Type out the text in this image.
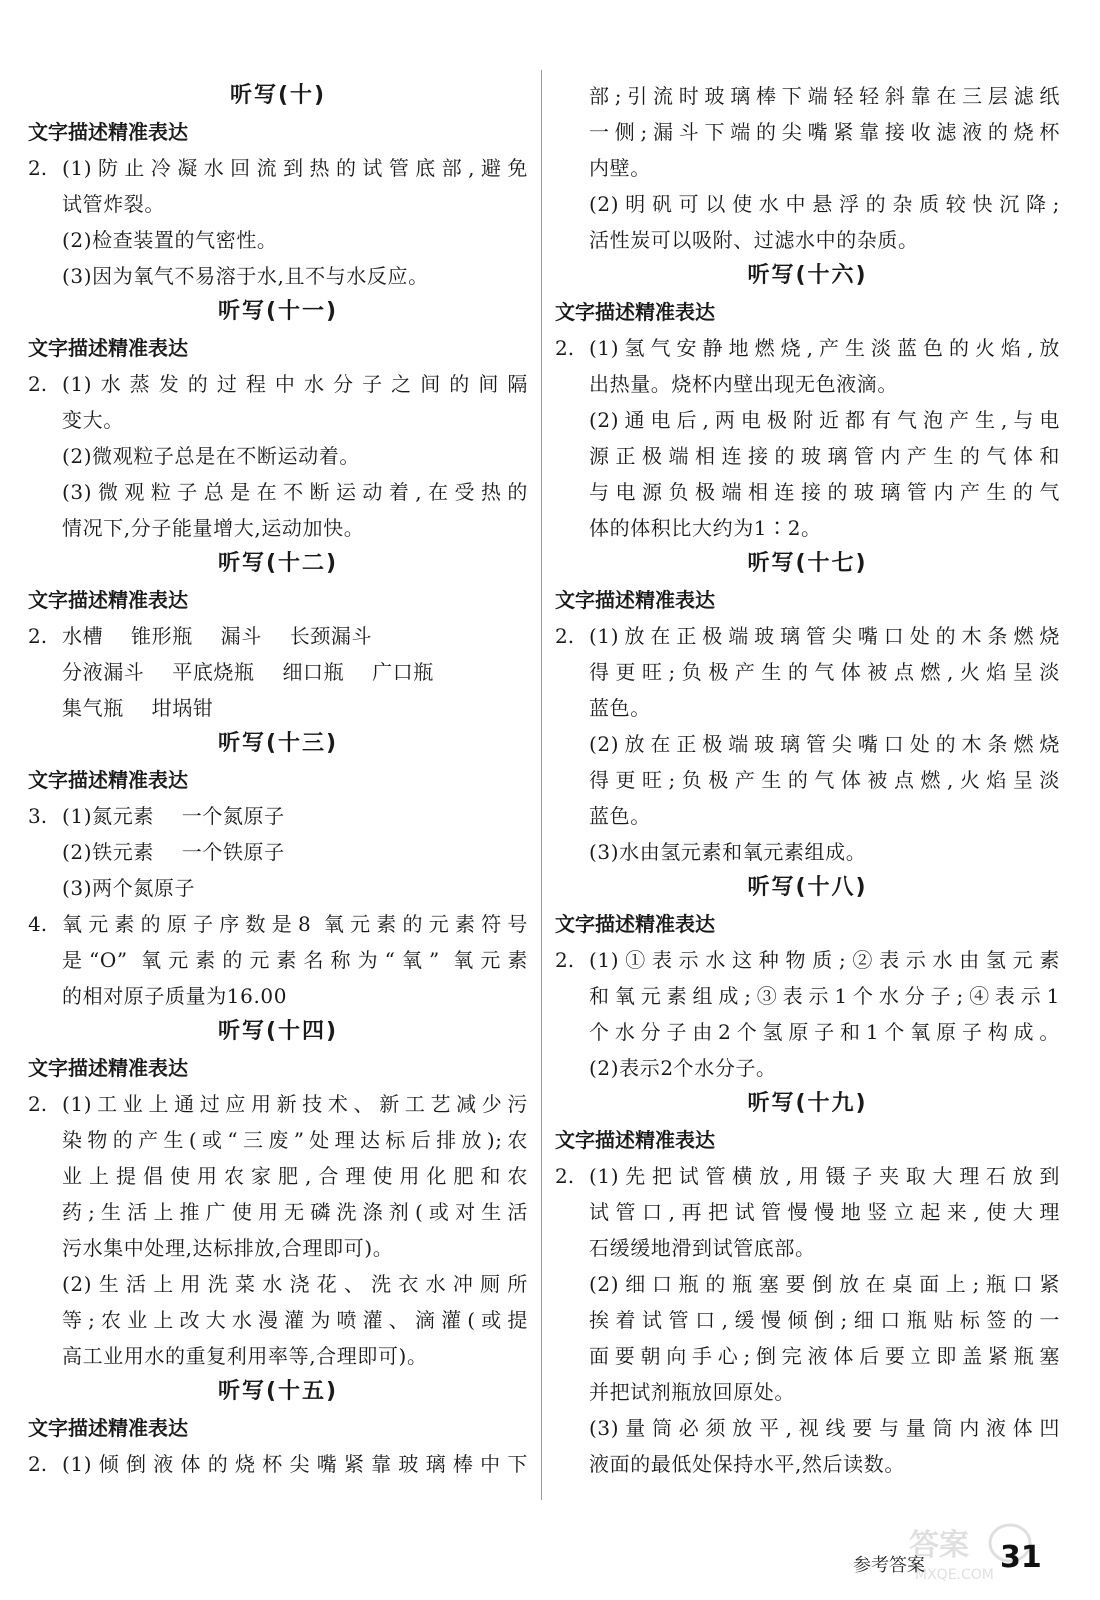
听写(十)
文字描述精准表达
2. (1)防止冷凝水回流到热的试管底部,避免
试管炸裂。
(2)检查装置的气密性。
(3)因为氧气不易溶于水,且不与水反应。
听写(十一)
文字描述精准表达
2. (1)水蒸发的过程中水分子之间的间隔
变大。
(2)微观粒子总是在不断运动着。
(3)微观粒子总是在不断运动着,在受热的
情况下,分子能量增大,运动加快。
听写(十二)
文字描述精准表达
2. 水槽    锥形瓶    漏斗    长颈漏斗
分液漏斗    平底烧瓶    细口瓶    广口瓶
集气瓶    坩埚钳
听写(十三)
文字描述精准表达
3. (1)氮元素    一个氮原子
(2)铁元素    一个铁原子
(3)两个氮原子
4. 氧元素的原子序数是8 氧元素的元素符号
是“O” 氧元素的元素名称为“氧” 氧元素
的相对原子质量为16.00
听写(十四)
文字描述精准表达
2. (1)工业上通过应用新技术、新工艺减少污
染物的产生(或“三废”处理达标后排放);农
业上提倡使用农家肥,合理使用化肥和农
药;生活上推广使用无磷洗涤剂(或对生活
污水集中处理,达标排放,合理即可)。
(2)生活上用洗菜水浇花、洗衣水冲厕所
等;农业上改大水漫灌为喷灌、滴灌(或提
高工业用水的重复利用率等,合理即可)。
听写(十五)
文字描述精准表达
2. (1)倾倒液体的烧杯尖嘴紧靠玻璃棒中下
部;引流时玻璃棒下端轻轻斜靠在三层滤纸
一侧;漏斗下端的尖嘴紧靠接收滤液的烧杯
内壁。
(2)明矾可以使水中悬浮的杂质较快沉降;
活性炭可以吸附、过滤水中的杂质。
听写(十六)
文字描述精准表达
2. (1)氢气安静地燃烧,产生淡蓝色的火焰,放
出热量。烧杯内壁出现无色液滴。
(2)通电后,两电极附近都有气泡产生,与电
源正极端相连接的玻璃管内产生的气体和
与电源负极端相连接的玻璃管内产生的气
体的体积比大约为1∶2。
听写(十七)
文字描述精准表达
2. (1)放在正极端玻璃管尖嘴口处的木条燃烧
得更旺;负极产生的气体被点燃,火焰呈淡
蓝色。
(2)放在正极端玻璃管尖嘴口处的木条燃烧
得更旺;负极产生的气体被点燃,火焰呈淡
蓝色。
(3)水由氢元素和氧元素组成。
听写(十八)
文字描述精准表达
2. (1)①表示水这种物质;②表示水由氢元素
和氧元素组成;③表示1个水分子;④表示1
个水分子由2个氢原子和1个氧原子构成。
(2)表示2个水分子。
听写(十九)
文字描述精准表达
2. (1)先把试管横放,用镊子夹取大理石放到
试管口,再把试管慢慢地竖立起来,使大理
石缓缓地滑到试管底部。
(2)细口瓶的瓶塞要倒放在桌面上;瓶口紧
挨着试管口,缓慢倾倒;细口瓶贴标签的一
面要朝向手心;倒完液体后要立即盖紧瓶塞
并把试剂瓶放回原处。
(3)量筒必须放平,视线要与量筒内液体凹
液面的最低处保持水平,然后读数。
答案
MXQE.COM
参考答案	31
